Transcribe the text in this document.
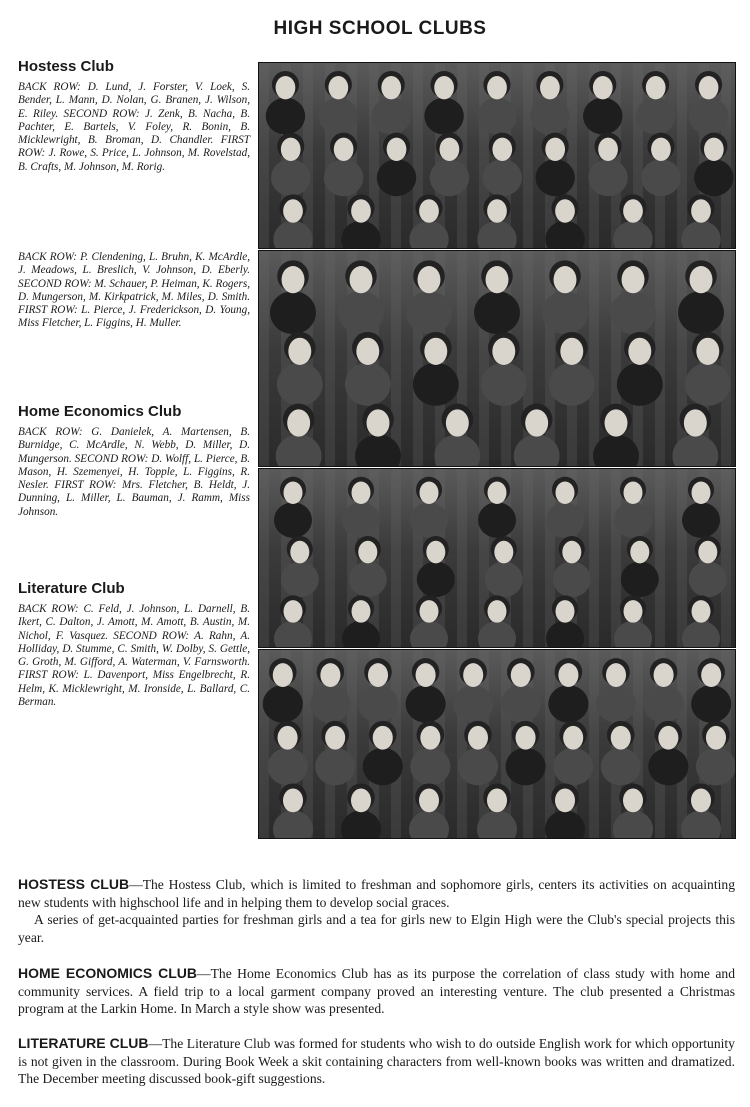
HIGH SCHOOL CLUBS
Hostess Club

BACK ROW: D. Lund, J. Forster, V. Loek, S. Bender, L. Mann, D. Nolan, G. Branen, J. Wilson, E. Riley. SECOND ROW: J. Zenk, B. Nacha, B. Pachter, E. Bartels, V. Foley, R. Bonin, B. Micklewright, B. Broman, D. Chandler. FIRST ROW: J. Rowe, S. Price, L. Johnson, M. Rovelstad, B. Crafts, M. Johnson, M. Rorig.

BACK ROW: P. Clendening, L. Bruhn, K. McArdle, J. Meadows, L. Breslich, V. Johnson, D. Eberly. SECOND ROW: M. Schauer, P. Heiman, K. Rogers, D. Mungerson, M. Kirkpatrick, M. Miles, D. Smith. FIRST ROW: L. Pierce, J. Frederickson, D. Young, Miss Fletcher, L. Figgins, H. Muller.

Home Economics Club

BACK ROW: G. Danielek, A. Martensen, B. Burnidge, C. McArdle, N. Webb, D. Miller, D. Mungerson. SECOND ROW: D. Wolff, L. Pierce, B. Mason, H. Szemenyei, H. Topple, L. Figgins, R. Nesler. FIRST ROW: Mrs. Fletcher, B. Heldt, J. Dunning, L. Miller, L. Bauman, J. Ramm, Miss Johnson.

Literature Club

BACK ROW: C. Feld, J. Johnson, L. Darnell, B. Ikert, C. Dalton, J. Amott, M. Amott, B. Austin, M. Nichol, F. Vasquez. SECOND ROW: A. Rahn, A. Holliday, D. Stumme, C. Smith, W. Dolby, S. Gettle, G. Groth, M. Gifford, A. Waterman, V. Farnsworth. FIRST ROW: L. Davenport, Miss Engelbrecht, R. Helm, K. Micklewright, M. Ironside, L. Ballard, C. Berman.

HOSTESS CLUB—The Hostess Club, which is limited to freshman and sophomore girls, centers its activities on acquainting new students with highschool life and in helping them to develop social graces.

A series of get-acquainted parties for freshman girls and a tea for girls new to Elgin High were the Club's special projects this year.

HOME ECONOMICS CLUB—The Home Economics Club has as its purpose the correlation of class study with home and community services. A field trip to a local garment company proved an interesting venture. The club presented a Christmas program at the Larkin Home. In March a style show was presented.

LITERATURE CLUB—The Literature Club was formed for students who wish to do outside English work for which opportunity is not given in the classroom. During Book Week a skit containing characters from well-known books was written and dramatized. The December meeting discussed book-gift suggestions.
